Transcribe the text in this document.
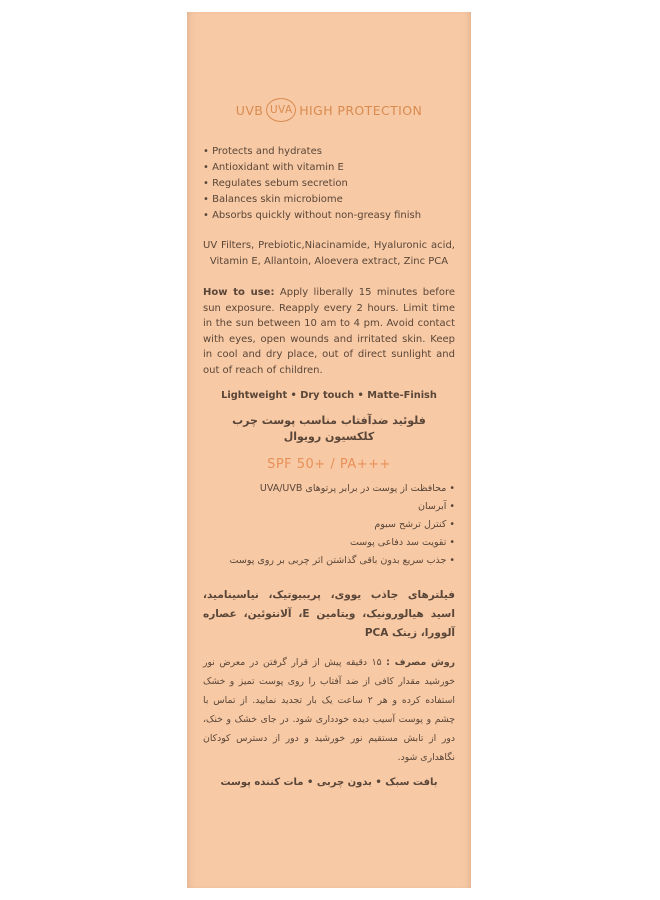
UVB UVA HIGH PROTECTION
• Protects and hydrates
• Antioxidant with vitamin E
• Regulates sebum secretion
• Balances skin microbiome
• Absorbs quickly without non-greasy finish
UV Filters, Prebiotic,Niacinamide, Hyaluronic acid, Vitamin E, Allantoin, Aloevera extract, Zinc PCA
How to use: Apply liberally 15 minutes before sun exposure. Reapply every 2 hours. Limit time in the sun between 10 am to 4 pm. Avoid contact with eyes, open wounds and irritated skin. Keep in cool and dry place, out of direct sunlight and out of reach of children.
Lightweight • Dry touch • Matte-Finish
فلوئید ضدآفتاب مناسب پوست چرب
کلکسیون رویوال
SPF 50+ / PA+++
• محافظت از پوست در برابر پرتوهای UVA/UVB
• آبرسان
• کنترل ترشح سبوم
• تقویت سد دفاعی پوست
• جذب سریع بدون باقی گذاشتن اثر چربی بر روی پوست
فیلترهای جاذب یووی، پریبیوتیک، نیاسینامید، اسید هیالورونیک، ویتامین E، آلانتوئین، عصاره آلوورا، زینک PCA
روش مصرف : ۱۵ دقیقه پیش از قرار گرفتن در معرض نور خورشید مقدار کافی از ضد آفتاب را روی پوست تمیز و خشک استفاده کرده و هر ۲ ساعت یک بار تجدید نمایید. از تماس با چشم و پوست آسیب دیده خودداری شود. در جای خشک و خنک، دور از تابش مستقیم نور خورشید و دور از دسترس کودکان نگاهداری شود.
بافت سبک • بدون چربی • مات کننده پوست
